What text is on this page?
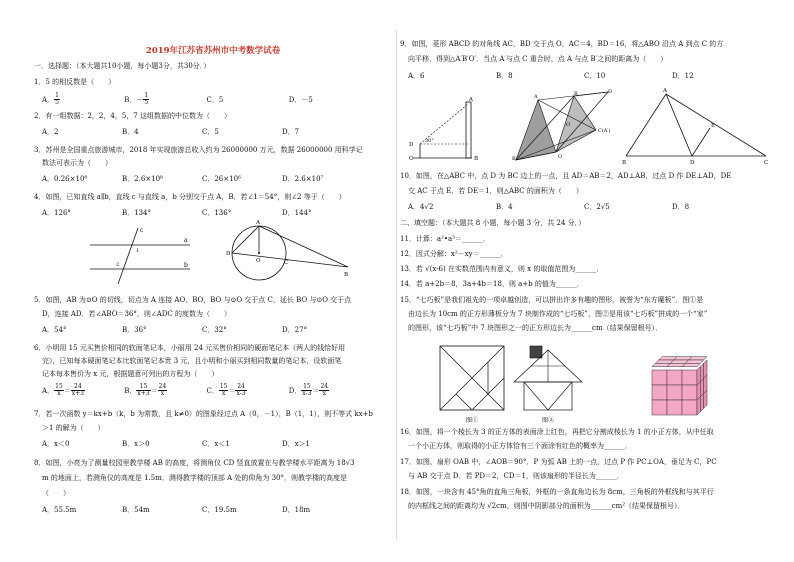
2019年江苏省苏州市中考数学试卷
一．选择题：（本大题共10小题，每小题3分，共30分．）
1．5 的相反数是（　　）
A． $\frac{1}{5}$	B．－ $\frac{1}{5}$	C．5	D．－5
2．有一组数据：2，2，4，5，7 这组数据的中位数为（　　）
A．2	B．4	C．5	D．7
3．苏州是全国重点旅游城市，2018 年实现旅游总收入约为 26000000 万元，数据 26000000 用科学记
数法可表示为（　　）
A．0.26×10⁸	B．2.6×10⁸	C．26×10⁶	D．2.6×10⁷
4．如图，已知直线 a∥b，直线 c 与直线 a，b 分别交于点 A，B．若∠1＝54°，则∠2 等于（　　）
A．126°	B．134°	C．136°	D．144°
c
a
b
1
2
A
D
O	C
B
5．如图，AB 为⊙O 的切线，切点为 A 连接 AO、BO，BO 与⊙O 交于点 C，延长 BO 与⊙O 交于点
D，连接 AD．若∠ABO＝36°，则∠ADC 的度数为（　　）
A．54°	B．36°	C．32°	D．27°
6．小明用 15 元买售价相同的软面笔记本，小丽用 24 元买售价相同的硬面笔记本（两人的钱恰好用
完），已知每本硬面笔记本比软面笔记本贵 3 元，且小明和小丽买到相同数量的笔记本，设软面笔
记本每本售价为 x 元，根据题意可列出的方程为（　　）
A． $\frac{15}{x} = \frac{24}{x+3}$	B． $\frac{15}{x+3} = \frac{24}{x}$	C． $\frac{15}{x} = \frac{24}{x-3}$	D． $\frac{15}{x-3} = \frac{24}{x}$
7．若一次函数 y＝kx+b（k，b 为常数，且 k≠0）的图象经过点 A（0，－1），B（1，1），则不等式 kx+b
＞1 的解为（　　）
A．x＜0	B．x＞0	C．x＜1	D．x＞1
8．如图，小亮为了测量校园里教学楼 AB 的高度，将测角仪 CD 竖直放置在与教学楼水平距离为 18√3
m 的地面上，若测角仪的高度是 1.5m．测得教学楼的顶部 A 处的仰角为 30°．则教学楼的高度是
（　　）
A．55.5m	B．54m	C．19.5m	D．18m
9．如图，菱形 ABCD 的对角线 AC，BD 交于点 O，AC＝4，BD＝16，将△ABO 沿点 A 到点 C 的方
向平移，得到△A′B′O′．当点 A′与点 C 重合时，点 A 与点 B′之间的距离为（　　）
A．6	B．8	C．10	D．12
A
B
D
C
30°
A
D
C(A′)
O
B′
O′
B	A
B	D	C
E
10．如图，在△ABC 中，点 D 为 BC 边上的一点，且 AD＝AB＝2，AD⊥AB．过点 D 作 DE⊥AD，DE
交 AC 于点 E．若 DE＝1，则△ABC 的面积为（　　）
A．4√2	B．4	C．2√5	D．8
二、填空题：（本大题共 8 小题，每小题 3 分，共 24 分．）
11．计算：a²•a³＝______．
12．因式分解：x²－xy＝______．
13．若 √(x-6) 在实数范围内有意义，则 x 的取值范围为______．
14．若 a+2b＝8，3a+4b＝18，则 a+b 的值为______．
15．“七巧板”是我们祖先的一项卓越创造，可以拼出许多有趣的图形，被誉为“东方魔板”．图①是
由边长为 10cm 的正方形薄板分为 7 块制作成的“七巧板”，图②是用该“七巧板”拼成的一个“家”
的图形，该“七巧板”中 7 块图形之一的正方形边长为______cm（结果保留根号）．
图①	图②
16．如图，将一个棱长为 3 的正方体的表面涂上红色，再把它分割成棱长为 1 的小正方体，从中任取
一个小正方体，则取得的小正方体恰有三个面涂有红色的概率为______．
17．如图，扇形 OAB 中，∠AOB＝90°．P 为弧 AB 上的一点，过点 P 作 PC⊥OA，垂足为 C，PC
与 AB 交于点 D．若 PD＝2，CD＝1，则该扇形的半径长为______．
18．如图，一块含有 45°角的直角三角板，外框的一条直角边长为 8cm，三角板的外框线和与其平行
的内框线之间的距离均为 √2cm，则图中阴影部分的面积为______cm²（结果保留根号）．
